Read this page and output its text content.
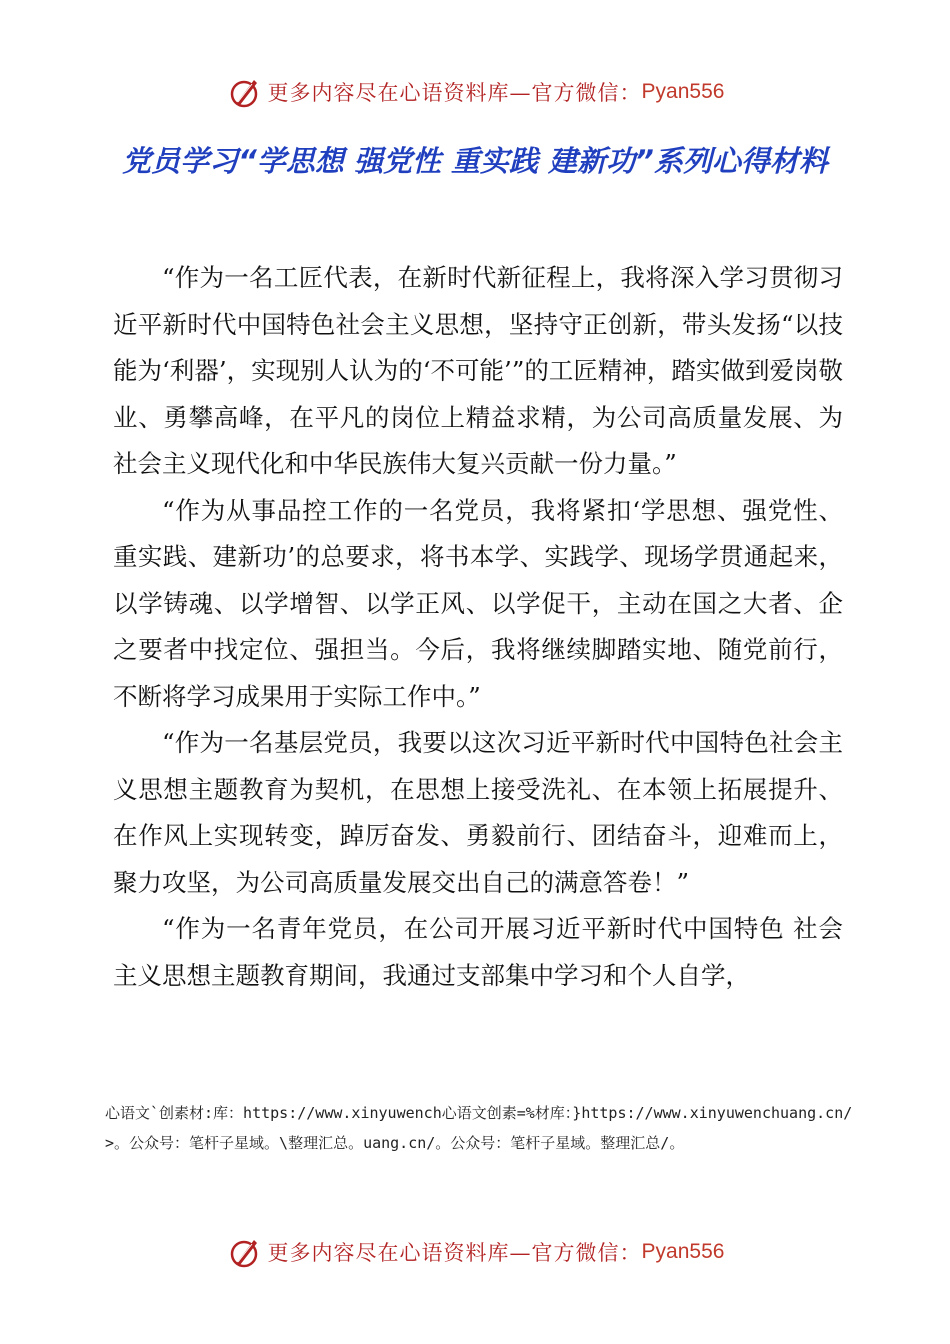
更多内容尽在心语资料库—官方微信： Pyan556
党员学习“学思想 强党性 重实践 建新功”系列心得材料

“作为一名工匠代表，在新时代新征程上，我将深入学习贯彻习近平新时代中国特色社会主义思想，坚持守正创新，带头发扬“以技能为‘利器’，实现别人认为的‘不可能’”的工匠精神，踏实做到爱岗敬业、勇攀高峰，在平凡的岗位上精益求精，为公司高质量发展、为社会主义现代化和中华民族伟大复兴贡献一份力量。”

“作为从事品控工作的一名党员，我将紧扣‘学思想、强党性、重实践、建新功’的总要求，将书本学、实践学、现场学贯通起来，以学铸魂、以学增智、以学正风、以学促干，主动在国之大者、企之要者中找定位、强担当。今后，我将继续脚踏实地、随党前行，不断将学习成果用于实际工作中。”

“作为一名基层党员，我要以这次习近平新时代中国特色社会主义思想主题教育为契机，在思想上接受洗礼、在本领上拓展提升、在作风上实现转变，踔厉奋发、勇毅前行、团结奋斗，迎难而上，聚力攻坚，为公司高质量发展交出自己的满意答卷！”

“作为一名青年党员，在公司开展习近平新时代中国特色 社会主义思想主题教育期间，我通过支部集中学习和个人自学，

心语文`创素材:库：https://www.xinyuwench心语文创素=%材库：}https://www.xinyuwenchuang.cn/>。公众号：笔杆子星域。\整理汇总。uang.cn/。公众号：笔杆子星域。整理汇总/。
更多内容尽在心语资料库—官方微信： Pyan556
